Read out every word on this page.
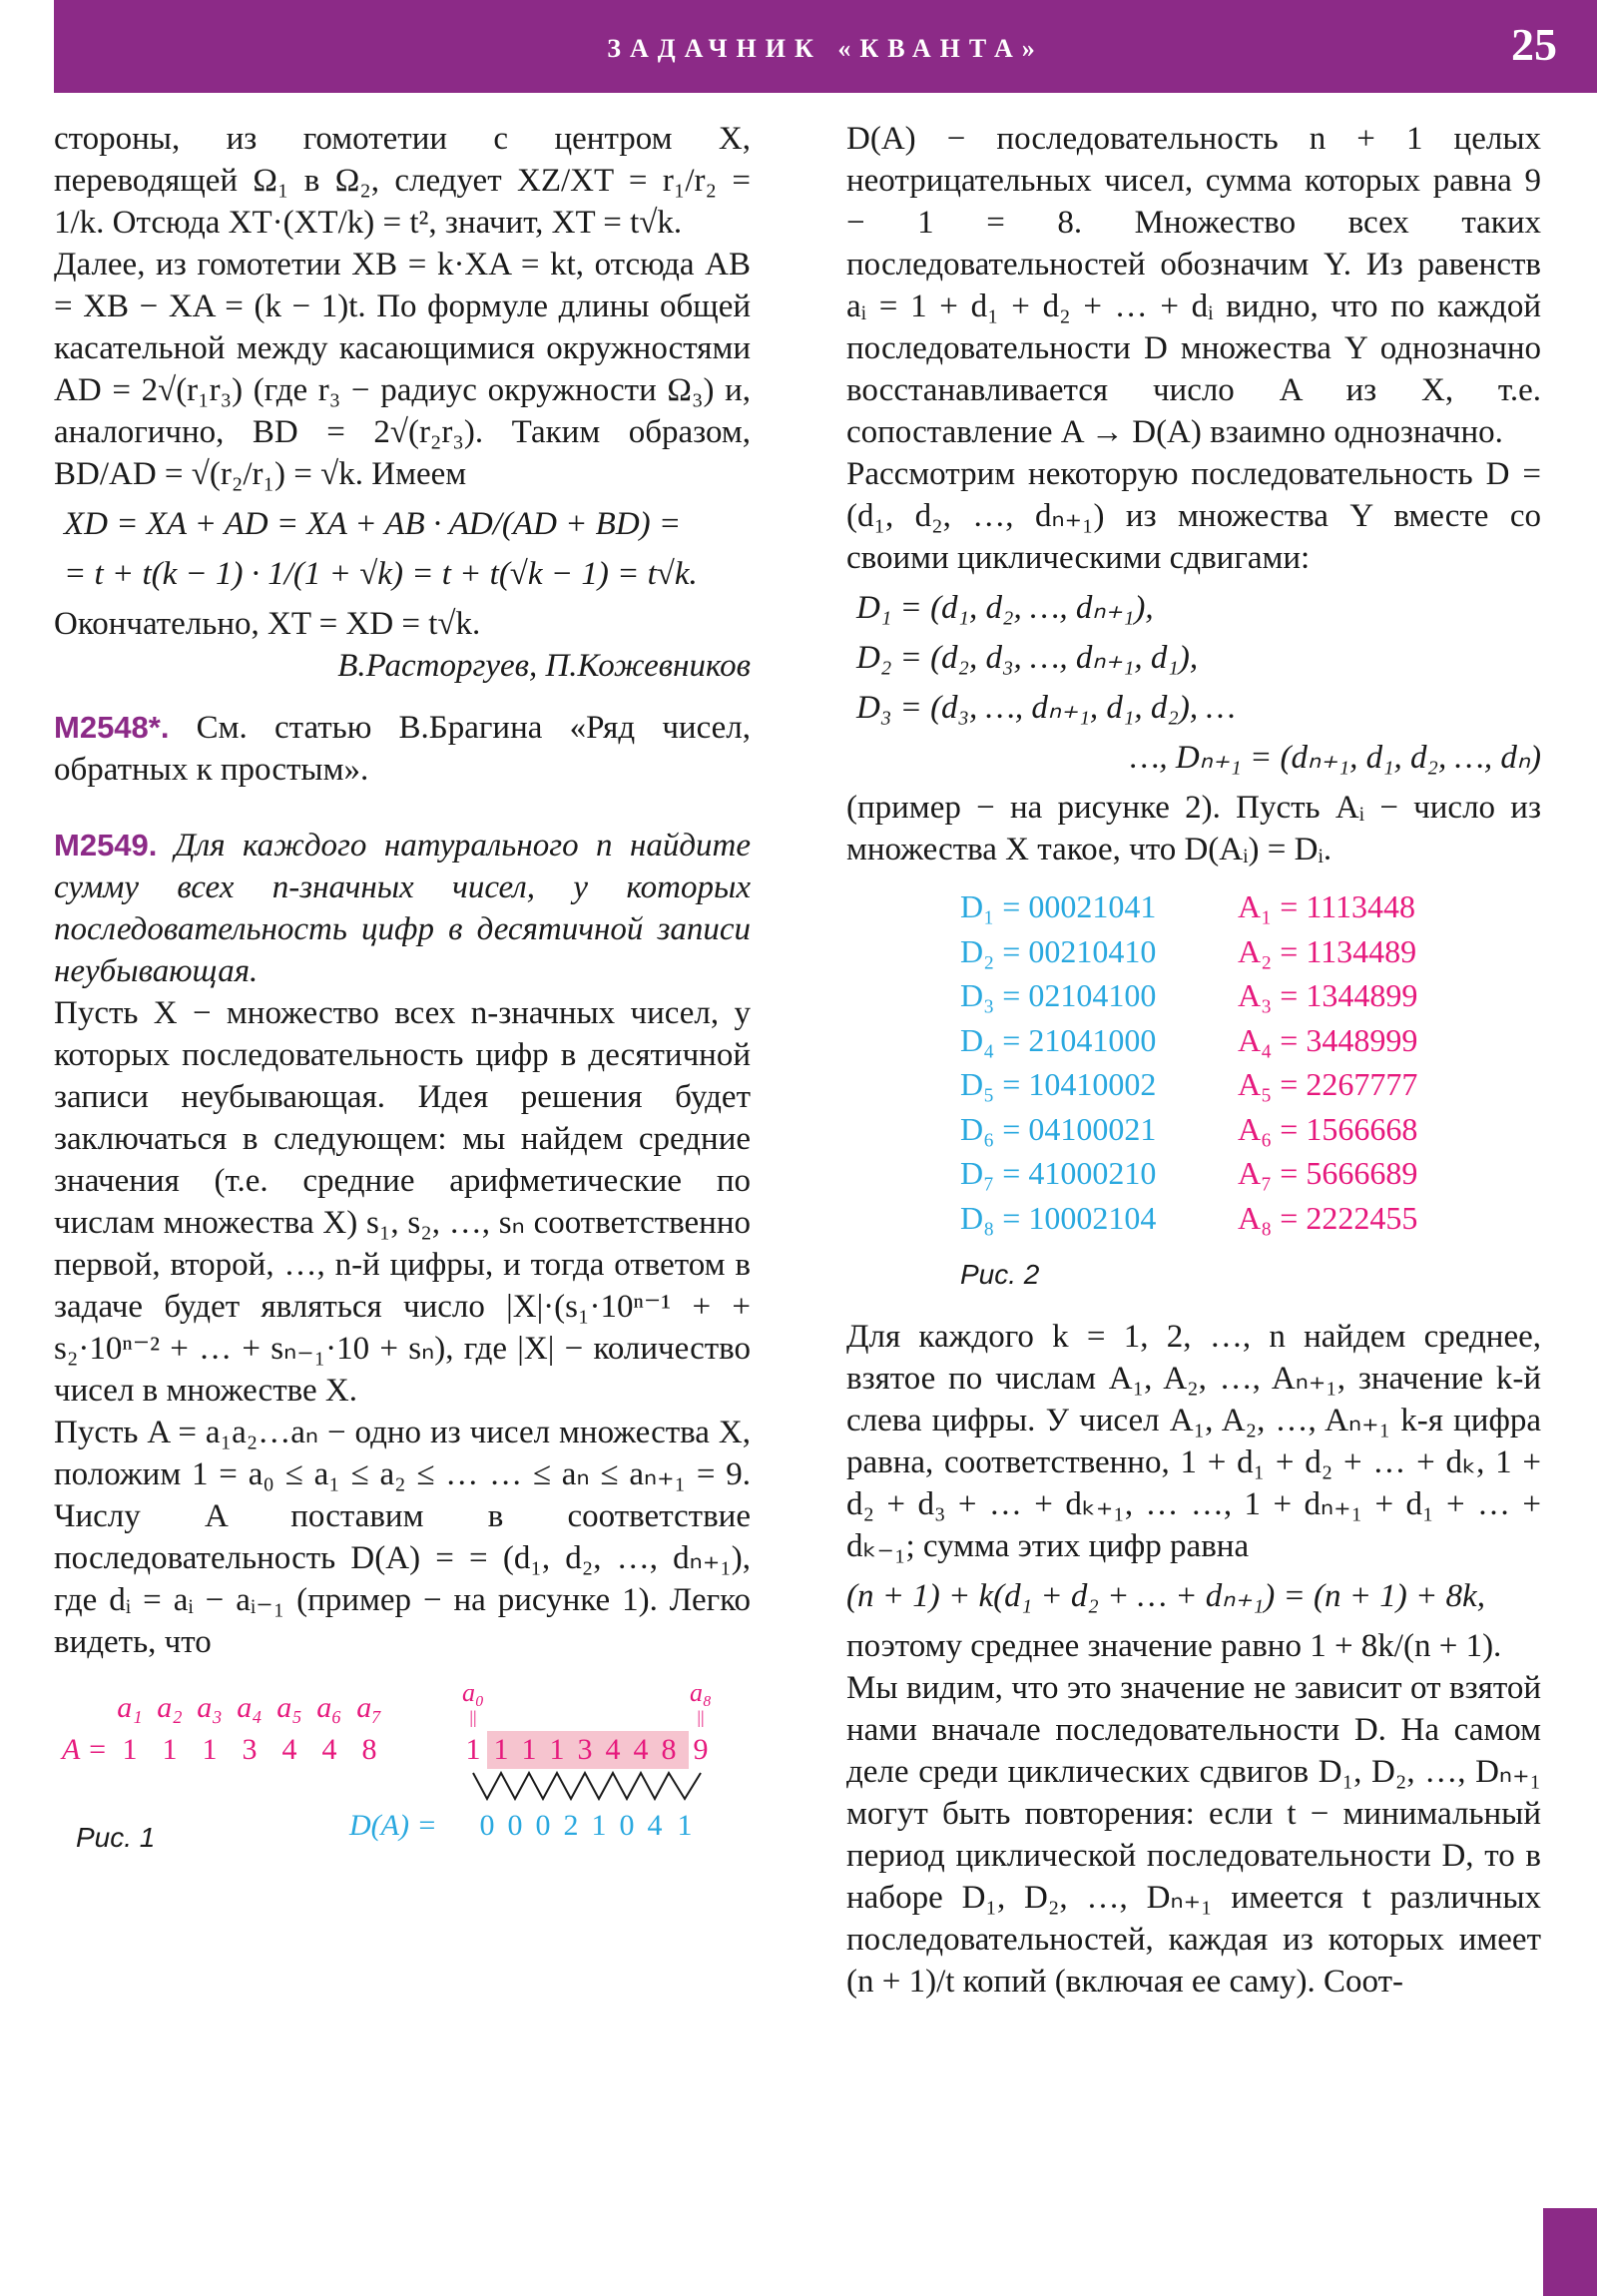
ЗАДАЧНИК «КВАНТА»	25

стороны, из гомотетии с центром X, переводящей Ω₁ в Ω₂, следует XZ/XT = r₁/r₂ = 1/k. Отсюда XT·(XT/k) = t², значит, XT = t√k.

Далее, из гомотетии XB = k·XA = kt, отсюда AB = XB − XA = (k − 1)t. По формуле длины общей касательной между касающимися окружностями AD = 2√(r₁r₃) (где r₃ − радиус окружности Ω₃) и, аналогично, BD = 2√(r₂r₃). Таким образом, BD/AD = √(r₂/r₁) = √k. Имеем

XD = XA + AD = XA + AB · AD/(AD + BD) =
= t + t(k − 1) · 1/(1 + √k) = t + t(√k − 1) = t√k.

Окончательно, XT = XD = t√k.

В.Расторгуев, П.Кожевников

M2548*. См. статью В.Брагина «Ряд чисел, обратных к простым».

M2549. Для каждого натурального n найдите сумму всех n-значных чисел, у которых последовательность цифр в десятичной записи неубывающая.

Пусть X − множество всех n-значных чисел, у которых последовательность цифр в десятичной записи неубывающая. Идея решения будет заключаться в следующем: мы найдем средние значения (т.е. средние арифметические по числам множества X) s₁, s₂, …, sₙ соответственно первой, второй, …, n-й цифры, и тогда ответом в задаче будет являться число |X|·(s₁·10ⁿ⁻¹ + + s₂·10ⁿ⁻² + … + sₙ₋₁·10 + sₙ), где |X| − количество чисел в множестве X.

Пусть A = a₁a₂…aₙ − одно из чисел множества X, положим 1 = a₀ ≤ a₁ ≤ a₂ ≤ … … ≤ aₙ ≤ aₙ₊₁ = 9. Числу A поставим в соответствие последовательность D(A) = = (d₁, d₂, …, dₙ₊₁), где dᵢ = aᵢ − aᵢ₋₁ (пример − на рисунке 1). Легко видеть, что

a₁ a₂ a₃ a₄ a₅ a₆ a₇
A = 1 1 1 3 4 4 8
a₀
||
a₈
||
1 1 1 1 3 4 4 8 9
D(A) = 0 0 0 2 1 0 4 1
Рис. 1

D(A) − последовательность n + 1 целых неотрицательных чисел, сумма которых равна 9 − 1 = 8. Множество всех таких последовательностей обозначим Y. Из равенств aᵢ = 1 + d₁ + d₂ + … + dᵢ видно, что по каждой последовательности D множества Y однозначно восстанавливается число A из X, т.е. сопоставление A → D(A) взаимно однозначно.

Рассмотрим некоторую последовательность D = (d₁, d₂, …, dₙ₊₁) из множества Y вместе со своими циклическими сдвигами:

D₁ = (d₁, d₂, …, dₙ₊₁),
D₂ = (d₂, d₃, …, dₙ₊₁, d₁),
D₃ = (d₃, …, dₙ₊₁, d₁, d₂), …
…, Dₙ₊₁ = (dₙ₊₁, d₁, d₂, …, dₙ)

(пример − на рисунке 2). Пусть Aᵢ − число из множества X такое, что D(Aᵢ) = Dᵢ.

D₁ = 00021041	A₁ = 1113448
D₂ = 00210410	A₂ = 1134489
D₃ = 02104100	A₃ = 1344899
D₄ = 21041000	A₄ = 3448999
D₅ = 10410002	A₅ = 2267777
D₆ = 04100021	A₆ = 1566668
D₇ = 41000210	A₇ = 5666689
D₈ = 10002104	A₈ = 2222455
Рис. 2

Для каждого k = 1, 2, …, n найдем среднее, взятое по числам A₁, A₂, …, Aₙ₊₁, значение k-й слева цифры. У чисел A₁, A₂, …, Aₙ₊₁ k-я цифра равна, соответственно, 1 + d₁ + d₂ + … + dₖ, 1 + d₂ + d₃ + … + dₖ₊₁, … …, 1 + dₙ₊₁ + d₁ + … + dₖ₋₁; сумма этих цифр равна

(n + 1) + k(d₁ + d₂ + … + dₙ₊₁) = (n + 1) + 8k,

поэтому среднее значение равно 1 + 8k/(n + 1).

Мы видим, что это значение не зависит от взятой нами вначале последовательности D. На самом деле среди циклических сдвигов D₁, D₂, …, Dₙ₊₁ могут быть повторения: если t − минимальный период циклической последовательности D, то в наборе D₁, D₂, …, Dₙ₊₁ имеется t различных последовательностей, каждая из которых имеет (n + 1)/t копий (включая ее саму). Соот-
